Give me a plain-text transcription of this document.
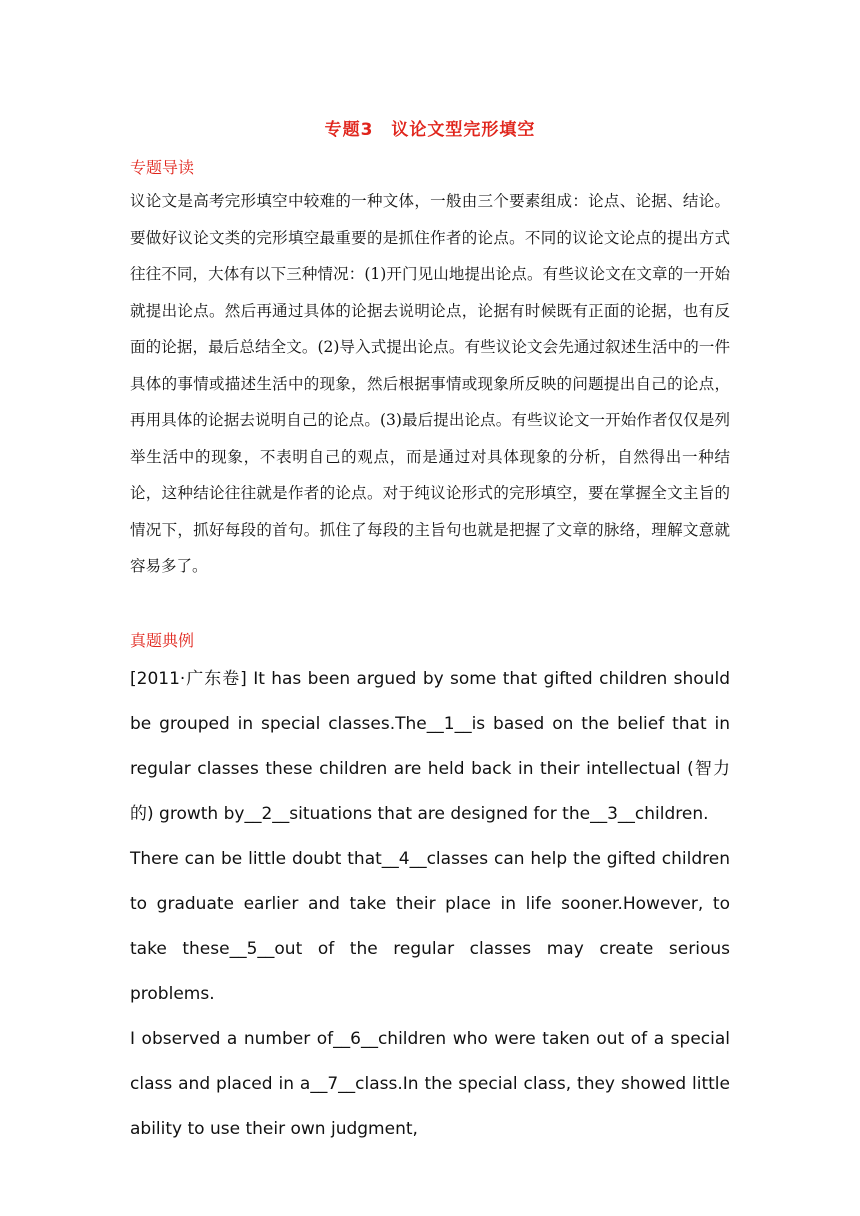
专题3　议论文型完形填空
专题导读
议论文是高考完形填空中较难的一种文体，一般由三个要素组成：论点、论据、结论。要做好议论文类的完形填空最重要的是抓住作者的论点。不同的议论文论点的提出方式往往不同，大体有以下三种情况：(1)开门见山地提出论点。有些议论文在文章的一开始就提出论点。然后再通过具体的论据去说明论点，论据有时候既有正面的论据，也有反面的论据，最后总结全文。(2)导入式提出论点。有些议论文会先通过叙述生活中的一件具体的事情或描述生活中的现象，然后根据事情或现象所反映的问题提出自己的论点，再用具体的论据去说明自己的论点。(3)最后提出论点。有些议论文一开始作者仅仅是列举生活中的现象，不表明自己的观点，而是通过对具体现象的分析，自然得出一种结论，这种结论往往就是作者的论点。对于纯议论形式的完形填空，要在掌握全文主旨的情况下，抓好每段的首句。抓住了每段的主旨句也就是把握了文章的脉络，理解文意就容易多了。
真题典例

[2011·广东卷] It has been argued by some that gifted children should be grouped in special classes.The__1__is based on the belief that in regular classes these children are held back in their intellectual (智力的) growth by__2__situations that are designed for the__3__children.

There can be little doubt that__4__classes can help the gifted children to graduate earlier and take their place in life sooner.However, to take these__5__out of the regular classes may create serious problems.

I observed a number of__6__children who were taken out of a special class and placed in a__7__class.In the special class, they showed little ability to use their own judgment,
